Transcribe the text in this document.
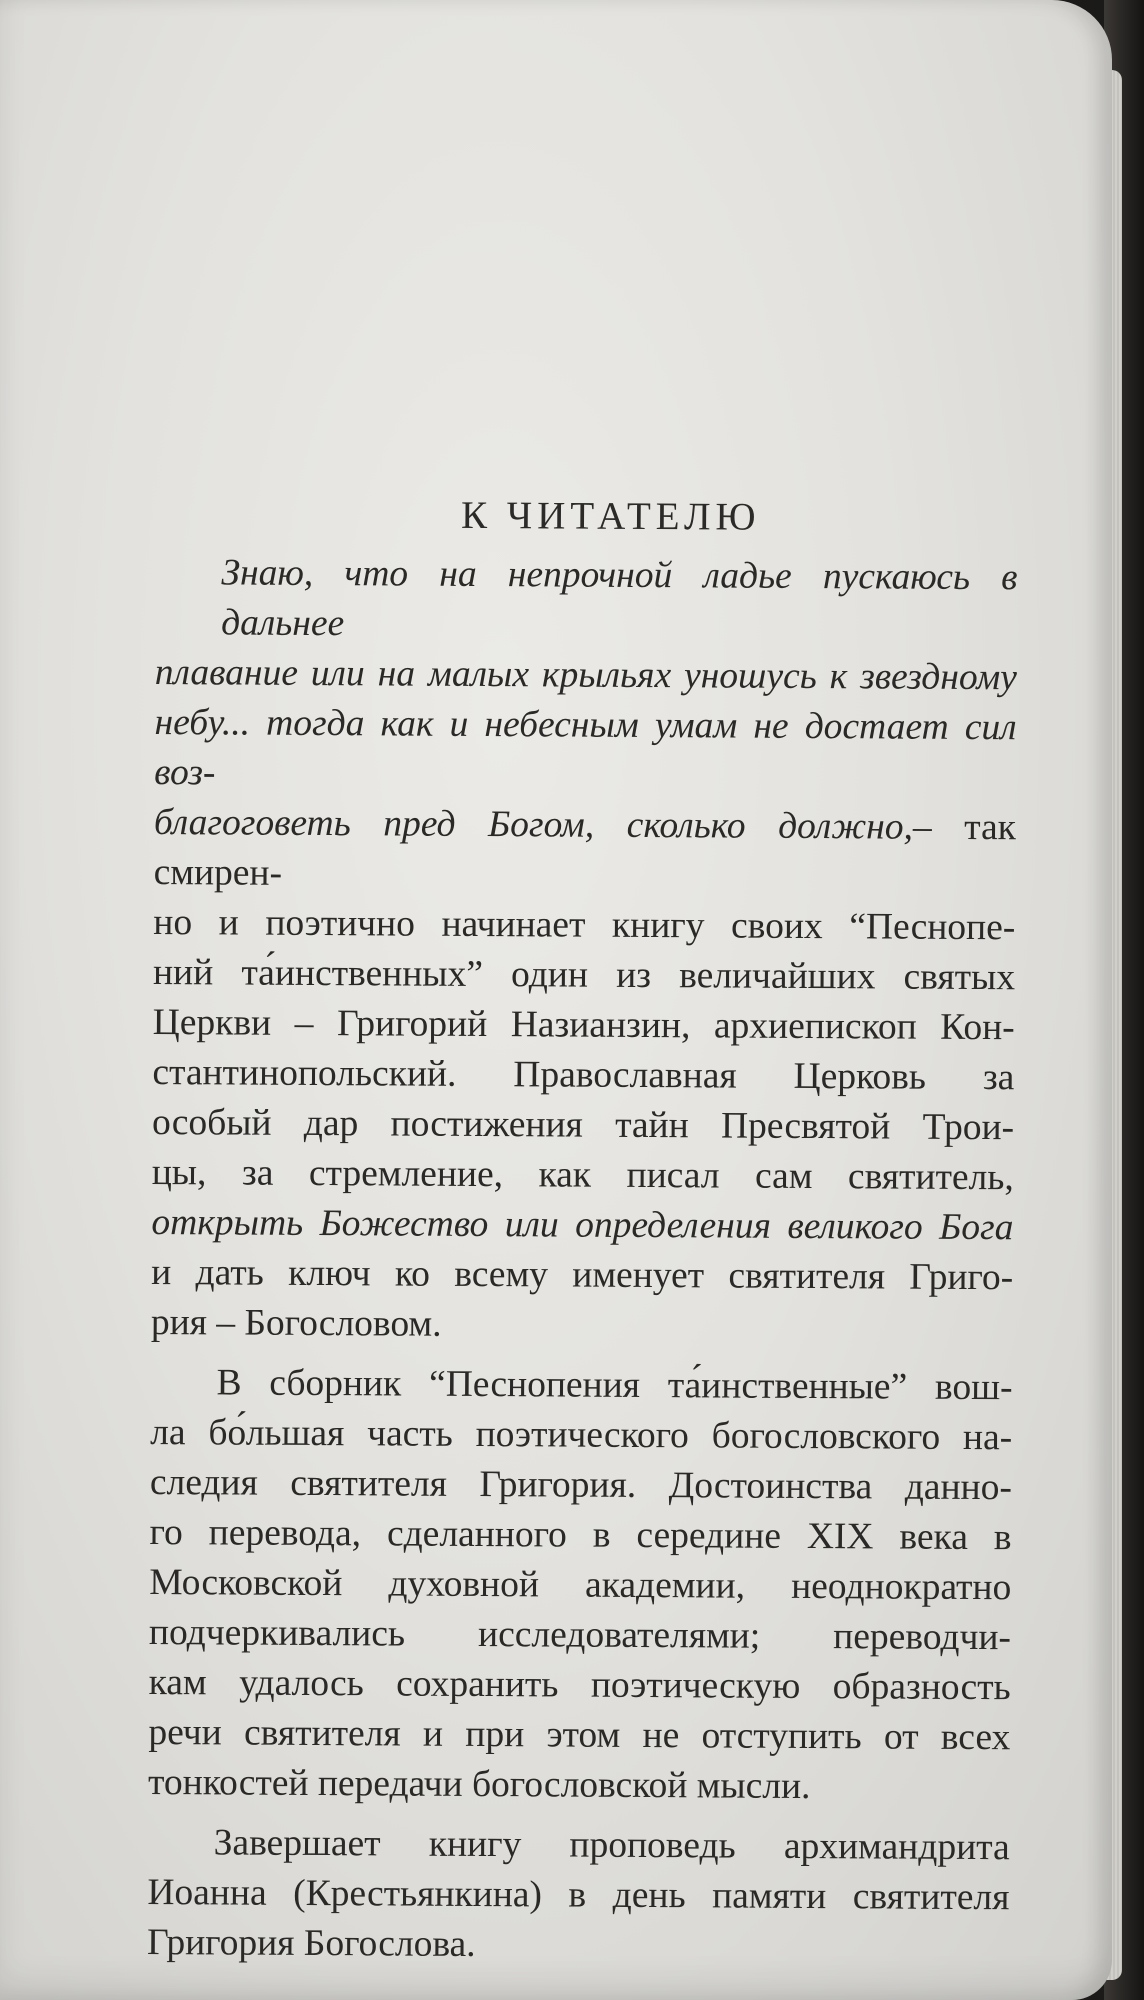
К ЧИТАТЕЛЮ
Знаю, что на непрочной ладье пускаюсь в дальнее
плавание или на малых крыльях уношусь к звездному
небу... тогда как и небесным умам не достает сил воз-
благоговеть пред Богом, сколько должно,– так смирен-
но и поэтично начинает книгу своих “Песнопе-
ний та́инственных” один из величайших святых
Церкви – Григорий Назианзин, архиепископ Кон-
стантинопольский. Православная Церковь за
особый дар постижения тайн Пресвятой Трои-
цы, за стремление, как писал сам святитель,
открыть Божество или определения великого Бога
и дать ключ ко всему именует святителя Григо-
рия – Богословом.
В сборник “Песнопения та́инственные” вош-
ла бо́льшая часть поэтического богословского на-
следия святителя Григория. Достоинства данно-
го перевода, сделанного в середине XIX века в
Московской духовной академии, неоднократно
подчеркивались исследователями; переводчи-
кам удалось сохранить поэтическую образность
речи святителя и при этом не отступить от всех
тонкостей передачи богословской мысли.
Завершает книгу проповедь архимандрита
Иоанна (Крестьянкина) в день памяти святителя
Григория Богослова.
